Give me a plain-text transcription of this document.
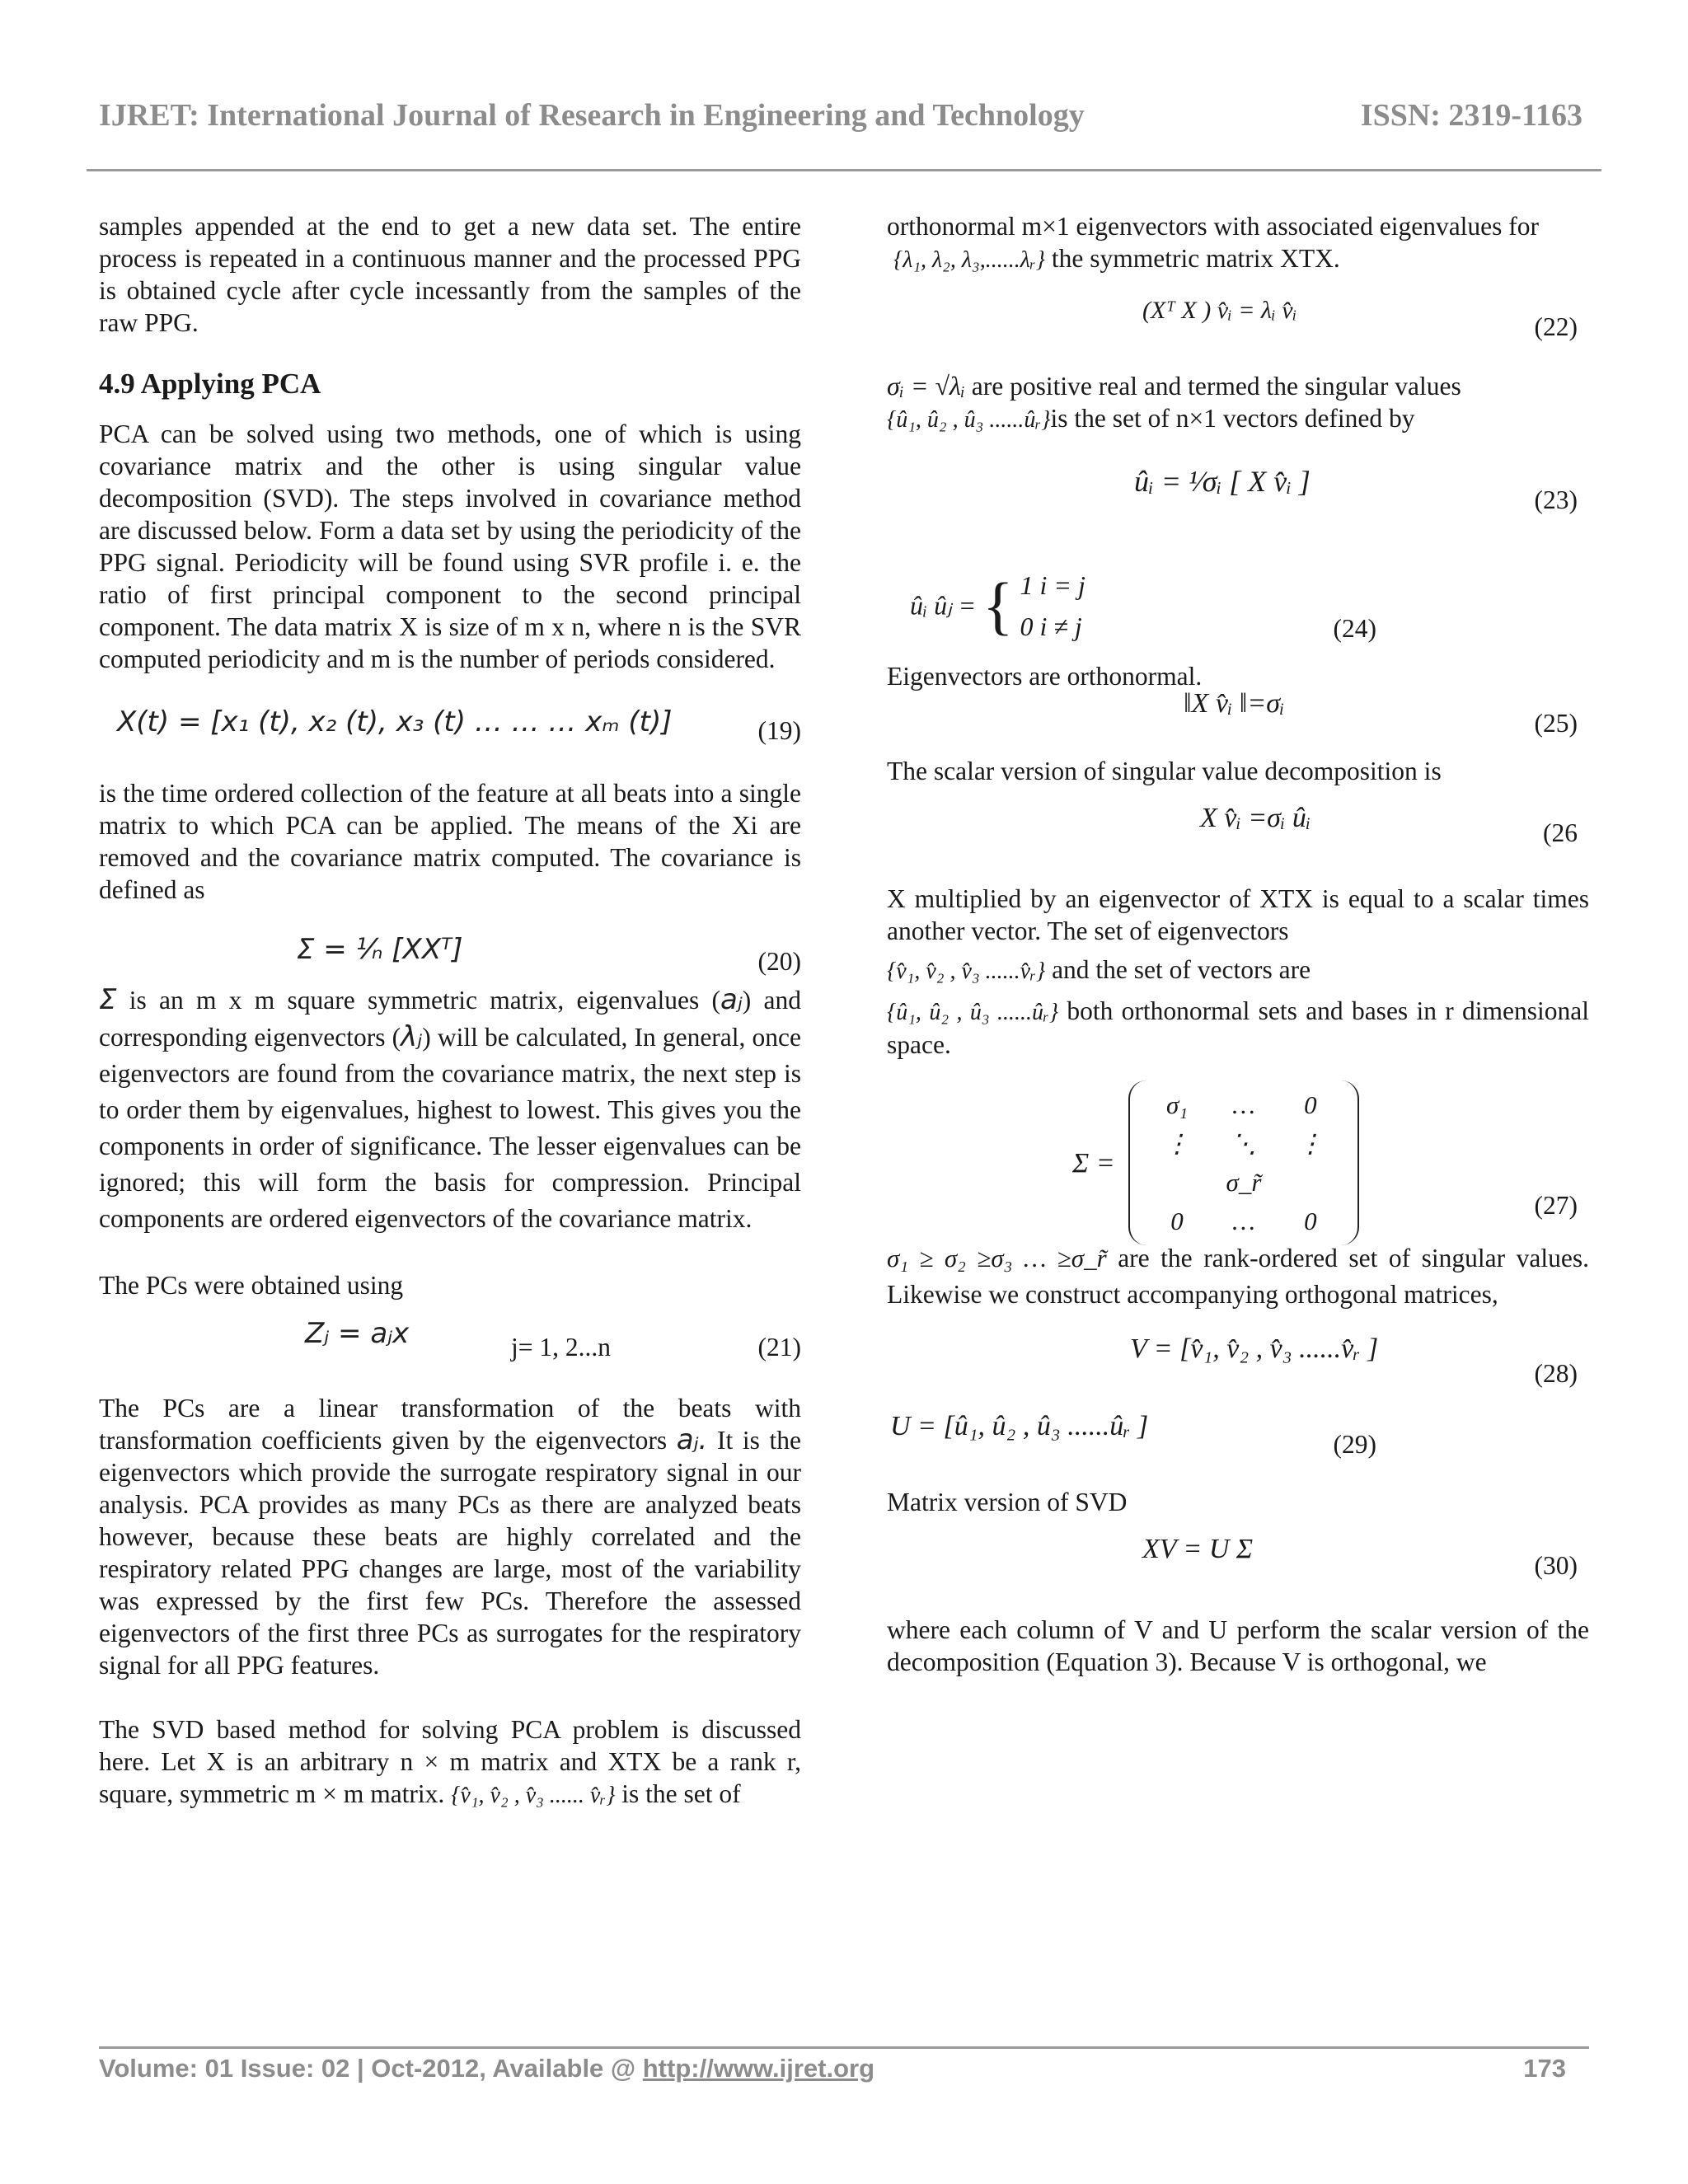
IJRET: International Journal of Research in Engineering and Technology	ISSN: 2319-1163

samples appended at the end to get a new data set. The entire process is repeated in a continuous manner and the processed PPG is obtained cycle after cycle incessantly from the samples of the raw PPG.

4.9 Applying PCA

PCA can be solved using two methods, one of which is using covariance matrix and the other is using singular value decomposition (SVD). The steps involved in covariance method are discussed below. Form a data set by using the periodicity of the PPG signal. Periodicity will be found using SVR profile i. e. the ratio of first principal component to the second principal component. The data matrix X is size of m x n, where n is the SVR computed periodicity and m is the number of periods considered.

X(t) = [x₁ (t), x₂ (t), x₃ (t) … … … xₘ (t)]	(19)

is the time ordered collection of the feature at all beats into a single matrix to which PCA can be applied. The means of the Xi are removed and the covariance matrix computed. The covariance is defined as

Σ = ¹⁄ₙ [XXᵀ]	(20)

Σ is an m x m square symmetric matrix, eigenvalues (aⱼ) and corresponding eigenvectors (λⱼ) will be calculated, In general, once eigenvectors are found from the covariance matrix, the next step is to order them by eigenvalues, highest to lowest. This gives you the components in order of significance. The lesser eigenvalues can be ignored; this will form the basis for compression. Principal components are ordered eigenvectors of the covariance matrix.

The PCs were obtained using

Zⱼ = aⱼx	j= 1, 2...n	(21)

The PCs are a linear transformation of the beats with transformation coefficients given by the eigenvectors aⱼ. It is the eigenvectors which provide the surrogate respiratory signal in our analysis. PCA provides as many PCs as there are analyzed beats however, because these beats are highly correlated and the respiratory related PPG changes are large, most of the variability was expressed by the first few PCs. Therefore the assessed eigenvectors of the first three PCs as surrogates for the respiratory signal for all PPG features.

The SVD based method for solving PCA problem is discussed here. Let X is an arbitrary n × m matrix and XTX be a rank r, square, symmetric m × m matrix. {v̂₁, v̂₂ , v̂₃ ...... v̂ᵣ} is the set of

orthonormal m×1 eigenvectors with associated eigenvalues for

{λ₁, λ₂, λ₃,......λᵣ} the symmetric matrix XTX.

(Xᵀ X ) v̂ᵢ = λᵢ v̂ᵢ
(22)

σᵢ = √λᵢ are positive real and termed the singular values

{û₁, û₂ , û₃ ......ûᵣ}is the set of n×1 vectors defined by

ûᵢ = ¹⁄σᵢ [ X v̂ᵢ ]
(23)
ûᵢ ûⱼ = { 1 i = j
0 i ≠ j	(24)

Eigenvectors are orthonormal.

‖X v̂ᵢ ‖=σᵢ
(25)

The scalar version of singular value decomposition is

X v̂ᵢ =σᵢ ûᵢ	(26

X multiplied by an eigenvector of XTX is equal to a scalar times another vector. The set of eigenvectors

{v̂₁, v̂₂ , v̂₃ ......v̂ᵣ} and the set of vectors are

{û₁, û₂ , û₃ ......ûᵣ} both orthonormal sets and bases in r dimensional space.

Σ =
σ₁	…	0
⋮	⋱	⋮
	σ_r̃	
0	…	0
(27)

σ₁ ≥ σ₂ ≥σ₃ … ≥σ_r̃ are the rank-ordered set of singular values. Likewise we construct accompanying orthogonal matrices,

V = [v̂₁, v̂₂ , v̂₃ ......v̂ᵣ ]
(28)
U = [û₁, û₂ , û₃ ......ûᵣ ]
(29)

Matrix version of SVD

XV = U Σ
(30)

where each column of V and U perform the scalar version of the decomposition (Equation 3). Because V is orthogonal, we

Volume: 01 Issue: 02 | Oct-2012, Available @ http://www.ijret.org	173
